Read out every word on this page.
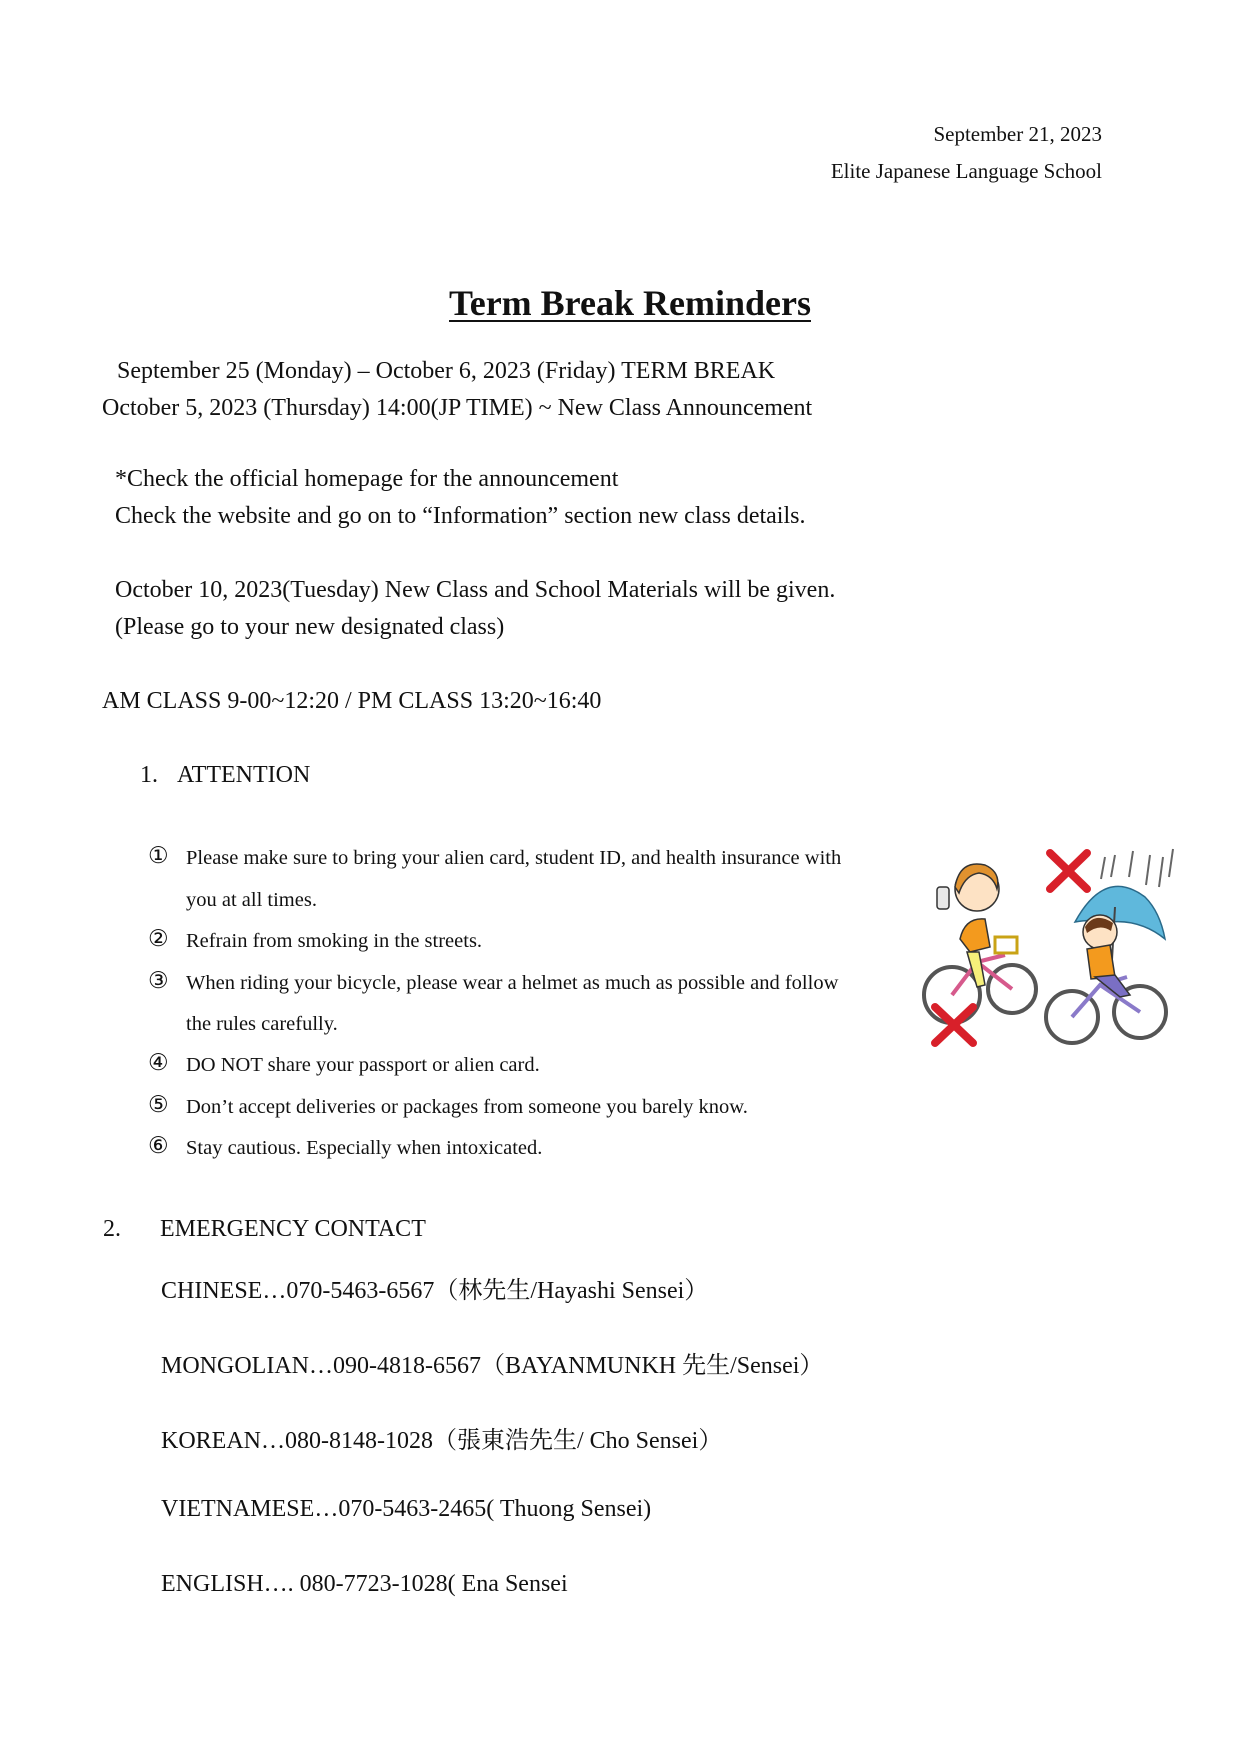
September 21, 2023
Elite Japanese Language School
Term Break Reminders
September 25 (Monday) – October 6, 2023 (Friday) TERM BREAK
October 5, 2023 (Thursday) 14:00(JP TIME) ~ New Class Announcement
*Check the official homepage for the announcement
Check the website and go on to “Information” section new class details.
October 10, 2023(Tuesday) New Class and School Materials will be given.
(Please go to your new designated class)
AM CLASS 9-00~12:20 / PM CLASS 13:20~16:40
1. ATTENTION
① Please make sure to bring your alien card, student ID, and health insurance with
you at all times.
② Refrain from smoking in the streets.
③ When riding your bicycle, please wear a helmet as much as possible and follow
the rules carefully.
④ DO NOT share your passport or alien card.
⑤ Don’t accept deliveries or packages from someone you barely know.
⑥ Stay cautious. Especially when intoxicated.
2. EMERGENCY CONTACT
CHINESE…070-5463-6567（林先生/Hayashi Sensei）
MONGOLIAN…090-4818-6567（BAYANMUNKH 先生/Sensei）
KOREAN…080-8148-1028（張東浩先生/ Cho Sensei）
VIETNAMESE…070-5463-2465( Thuong Sensei)
ENGLISH…. 080-7723-1028( Ena Sensei
